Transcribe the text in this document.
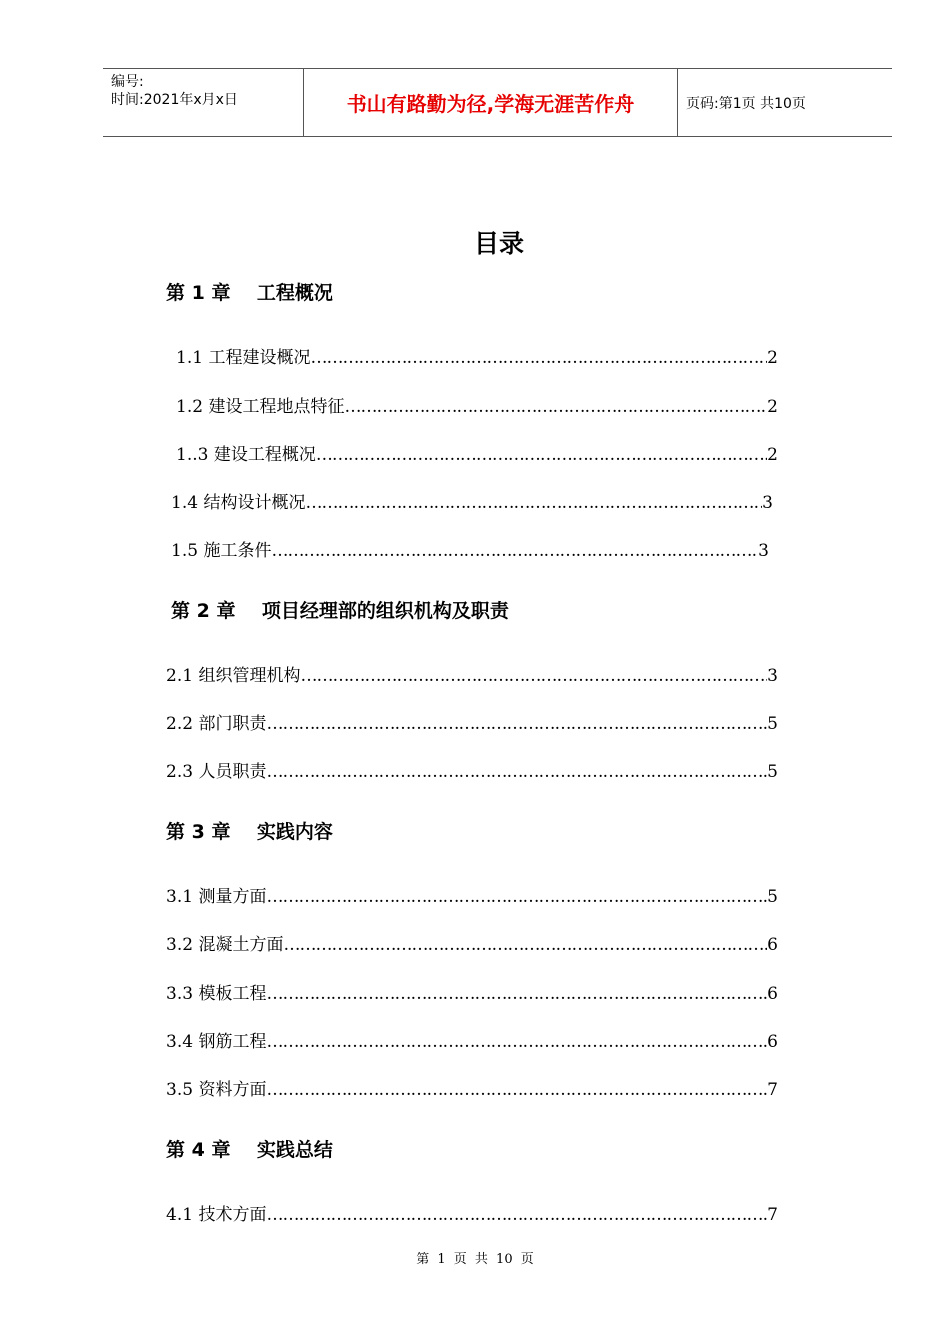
编号:
时间:2021年x月x日	书山有路勤为径,学海无涯苦作舟	页码:第1页 共10页
目录
第 1 章    工程概况
1.1 工程建设概况 …………………………………………………………………………………………………………………………………………………………………………………………	2
1.2 建设工程地点特征 …………………………………………………………………………………………………………………………………………………………………………………………	2
1..3 建设工程概况 …………………………………………………………………………………………………………………………………………………………………………………………	2
1.4 结构设计概况 …………………………………………………………………………………………………………………………………………………………………………………………	3
1.5 施工条件 …………………………………………………………………………………………………………………………………………………………………………………………	3
第 2 章    项目经理部的组织机构及职责
2.1 组织管理机构 …………………………………………………………………………………………………………………………………………………………………………………………	3
2.2 部门职责 …………………………………………………………………………………………………………………………………………………………………………………………	5
2.3 人员职责 …………………………………………………………………………………………………………………………………………………………………………………………	5
第 3 章    实践内容
3.1 测量方面 …………………………………………………………………………………………………………………………………………………………………………………………	5
3.2 混凝土方面 …………………………………………………………………………………………………………………………………………………………………………………………	6
3.3 模板工程 …………………………………………………………………………………………………………………………………………………………………………………………	6
3.4 钢筋工程 …………………………………………………………………………………………………………………………………………………………………………………………	6
3.5 资料方面 …………………………………………………………………………………………………………………………………………………………………………………………	7
第 4 章    实践总结
4.1 技术方面 …………………………………………………………………………………………………………………………………………………………………………………………	7
第 1 页 共 10 页
